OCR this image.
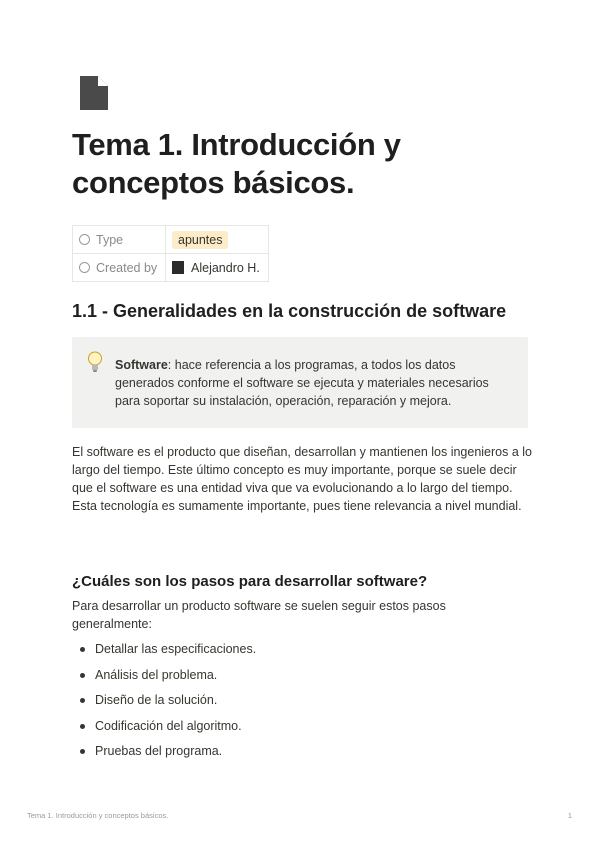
Tema 1. Introducción y conceptos básicos.
Type	apuntes
Created by	Alejandro H.
1.1 - Generalidades en la construcción de software

Software: hace referencia a los programas, a todos los datos generados conforme el software se ejecuta y materiales necesarios para soportar su instalación, operación, reparación y mejora.

El software es el producto que diseñan, desarrollan y mantienen los ingenieros a lo largo del tiempo. Este último concepto es muy importante, porque se suele decir que el software es una entidad viva que va evolucionando a lo largo del tiempo. Esta tecnología es sumamente importante, pues tiene relevancia a nivel mundial.

¿Cuáles son los pasos para desarrollar software?

Para desarrollar un producto software se suelen seguir estos pasos generalmente:

Detallar las especificaciones.
Análisis del problema.
Diseño de la solución.
Codificación del algoritmo.
Pruebas del programa.
Tema 1. Introducción y conceptos básicos.	1
